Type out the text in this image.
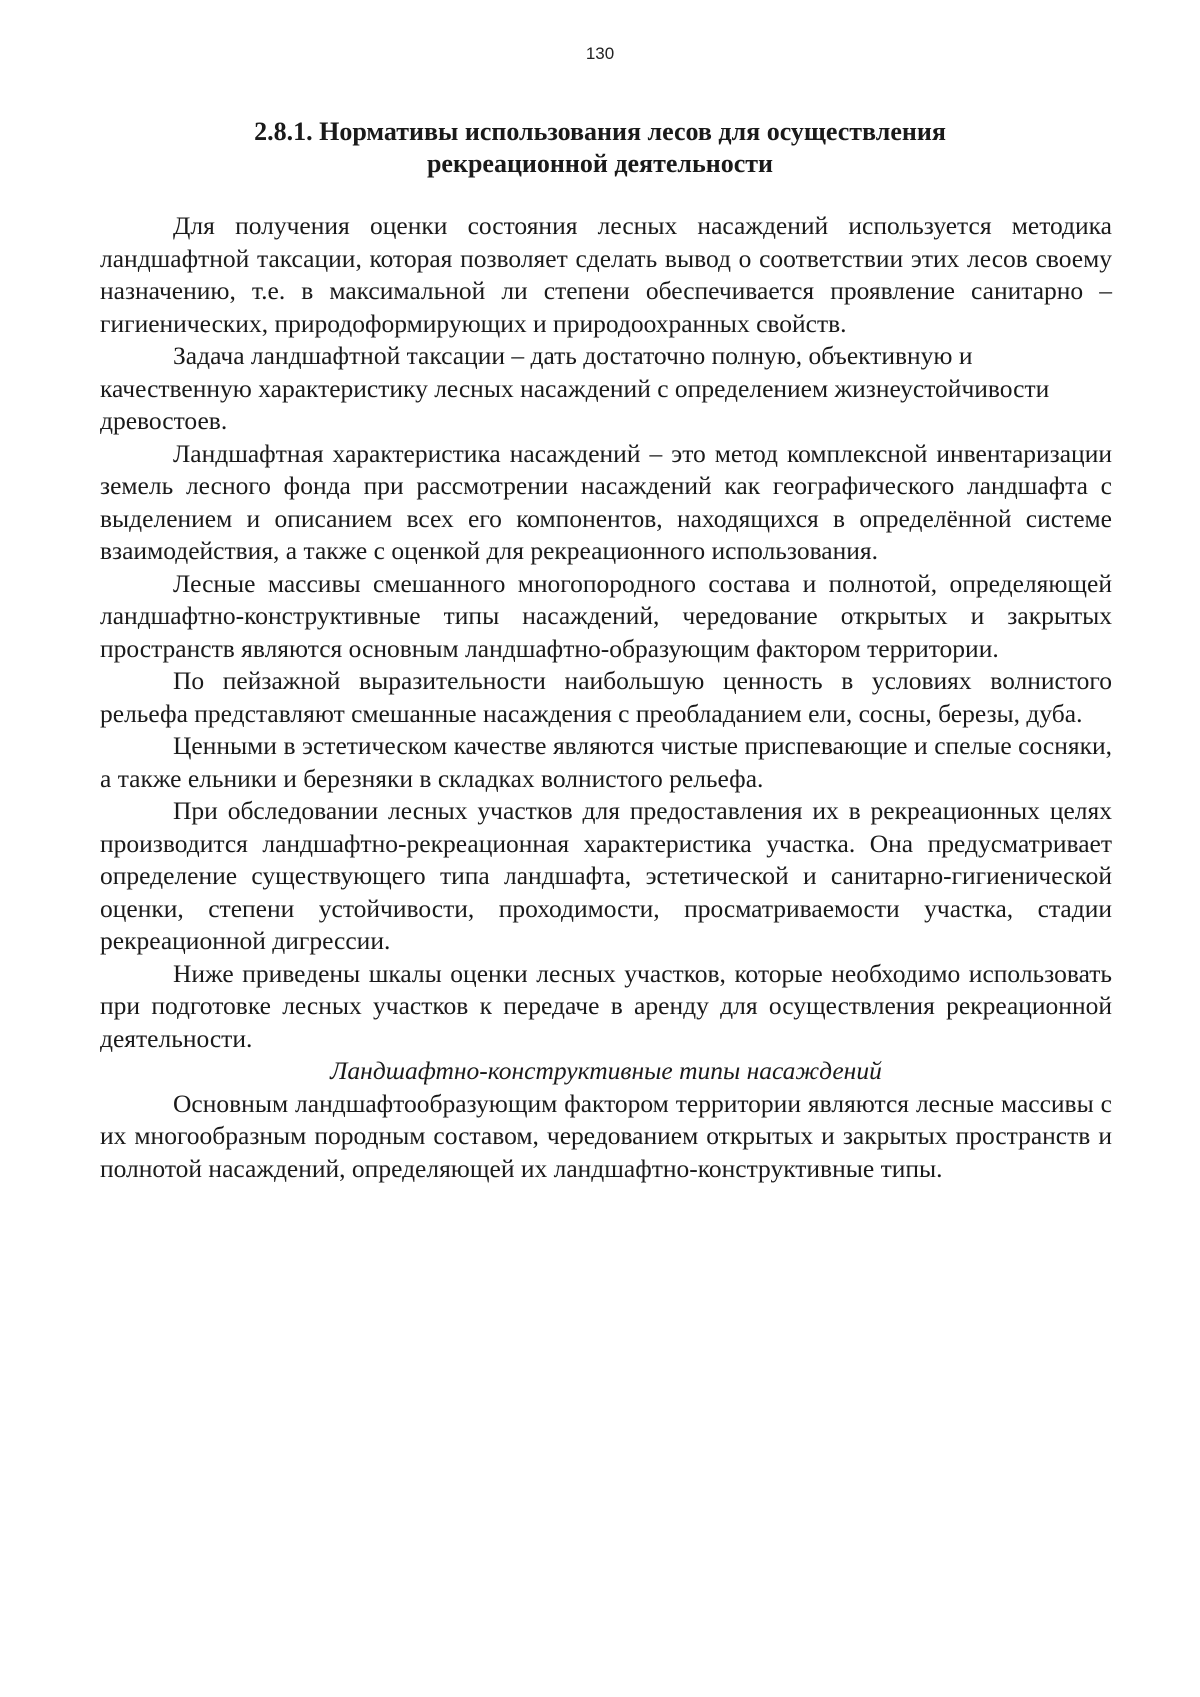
130
2.8.1. Нормативы использования лесов для осуществления
рекреационной деятельности

Для получения оценки состояния лесных насаждений используется методика ландшафтной таксации, которая позволяет сделать вывод о соответствии этих лесов своему назначению, т.е. в максимальной ли степени обеспечивается проявление санитарно – гигиенических, природоформирующих и природоохранных свойств.

Задача ландшафтной таксации – дать достаточно полную, объективную и качественную характеристику лесных насаждений с определением жизнеустойчивости древостоев.

Ландшафтная характеристика насаждений – это метод комплексной инвентаризации земель лесного фонда при рассмотрении насаждений как географического ландшафта с выделением и описанием всех его компонентов, находящихся в определённой системе взаимодействия, а также с оценкой для рекреационного использования.

Лесные массивы смешанного многопородного состава и полнотой, определяющей ландшафтно-конструктивные типы насаждений, чередование открытых и закрытых пространств являются основным ландшафтно-образующим фактором территории.

По пейзажной выразительности наибольшую ценность в условиях волнистого рельефа представляют смешанные насаждения с преобладанием ели, сосны, березы, дуба.

Ценными в эстетическом качестве являются чистые приспевающие и спелые сосняки, а также ельники и березняки в складках волнистого рельефа.

При обследовании лесных участков для предоставления их в рекреационных целях производится ландшафтно-рекреационная характеристика участка. Она предусматривает определение существующего типа ландшафта, эстетической и санитарно-гигиенической оценки, степени устойчивости, проходимости, просматриваемости участка, стадии рекреационной дигрессии.

Ниже приведены шкалы оценки лесных участков, которые необходимо использовать при подготовке лесных участков к передаче в аренду для осуществления рекреационной деятельности.

Ландшафтно-конструктивные типы насаждений

Основным ландшафтообразующим фактором территории являются лесные массивы с их многообразным породным составом, чередованием открытых и закрытых пространств и полнотой насаждений, определяющей их ландшафтно-конструктивные типы.
